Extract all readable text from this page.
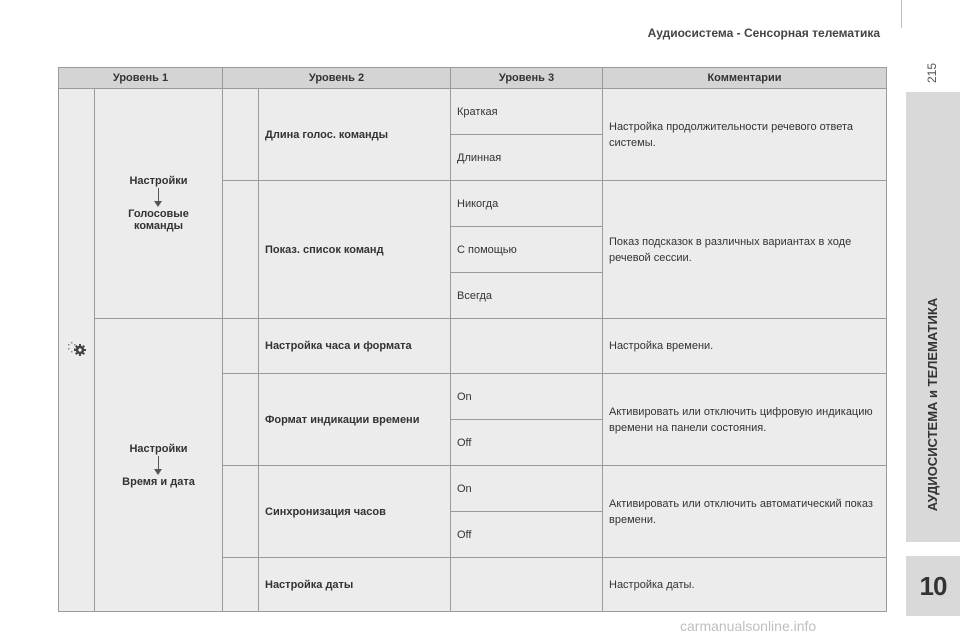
Аудиосистема - Сенсорная телематика
215
АУДИОСИСТЕМА и ТЕЛЕМАТИКА
10
Уровень 1		Уровень 2		Уровень 3	Комментарии

Настройки
Голосовые
команды		Длина голос. команды	Краткая	Настройка продолжительности речевого ответа системы.
				Длинная	
			Показ. список команд	Никогда	Показ подсказок в различных вариантах в ходе речевой сессии.
				С помощью	
				Всегда	

	Настройки
Время и дата		Настройка часа и формата		Настройка времени.
			Формат индикации времени	On	Активировать или отключить цифровую индикацию времени на панели состояния.
				Off	
			Синхронизация часов	On	Активировать или отключить автоматический показ времени.
				Off	
			Настройка даты		Настройка даты.
carmanualsonline.info
